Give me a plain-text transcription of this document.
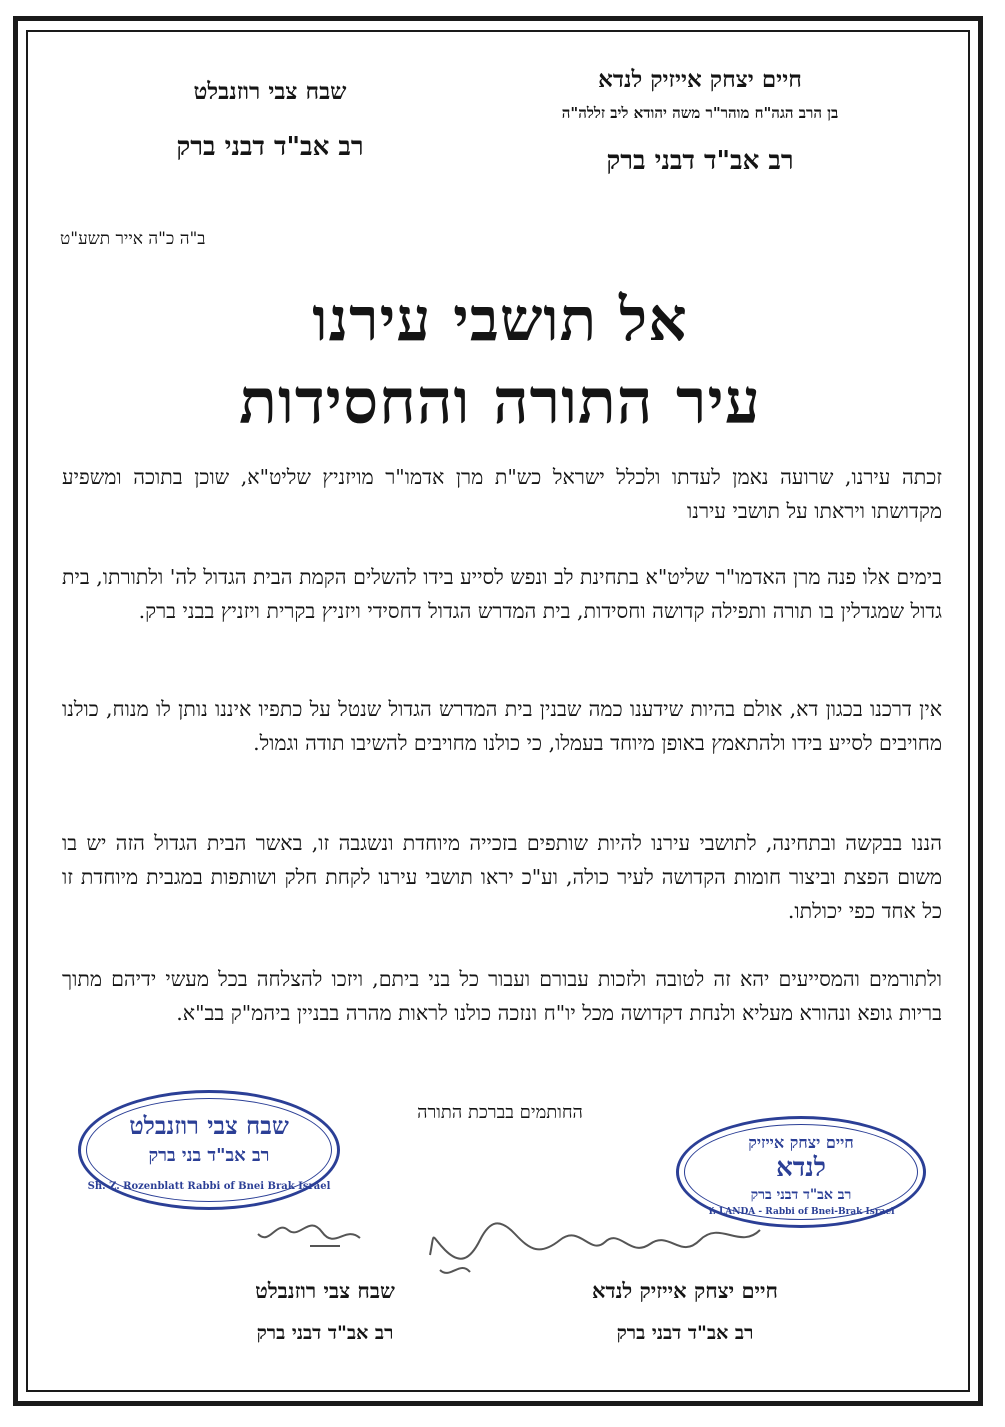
חיים יצחק אייזיק לנדא
בן הרב הגה"ח מוהר"ר משה יהודא ליב זללה"ה
רב אב"ד דבני ברק
שבח צבי רוזנבלט
רב אב"ד דבני ברק
ב"ה כ"ה אייר תשע"ט
אל תושבי עירנו
עיר התורה והחסידות
זכתה עירנו, שרועה נאמן לעדתו ולכלל ישראל כש"ת מרן אדמו"ר מויזניץ שליט"א, שוכן בתוכה ומשפיע מקדושתו ויראתו על תושבי עירנו
בימים אלו פנה מרן האדמו"ר שליט"א בתחינת לב ונפש לסייע בידו להשלים הקמת הבית הגדול לה' ולתורתו, בית גדול שמגדלין בו תורה ותפילה קדושה וחסידות, בית המדרש הגדול דחסידי ויזניץ בקרית ויזניץ בבני ברק.
אין דרכנו בכגון דא, אולם בהיות שידענו כמה שבנין בית המדרש הגדול שנטל על כתפיו איננו נותן לו מנוח, כולנו מחויבים לסייע בידו ולהתאמץ באופן מיוחד בעמלו, כי כולנו מחויבים להשיבו תודה וגמול.
הננו בבקשה ובתחינה, לתושבי עירנו להיות שותפים בזכייה מיוחדת ונשגבה זו, באשר הבית הגדול הזה יש בו משום הפצת וביצור חומות הקדושה לעיר כולה, וע"כ יראו תושבי עירנו לקחת חלק ושותפות במגבית מיוחדת זו כל אחד כפי יכולתו.
ולתורמים והמסייעים יהא זה לטובה ולזכות עבורם ועבור כל בני ביתם, ויזכו להצלחה בכל מעשי ידיהם מתוך בריות גופא ונהורא מעליא ולנחת דקדושה מכל יו"ח ונזכה כולנו לראות מהרה בבניין ביהמ"ק בב"א.
החותמים בברכת התורה
שבח צבי רוזנבלט
רב אב"ד בני ברק
Sh. Z. Rozenblatt Rabbi of Bnei Brak Israel
חיים יצחק אייזיק
לנדא
רב אב"ד דבני ברק
Y. LANDA - Rabbi of Bnei-Brak Israel
חיים יצחק אייזיק לנדא
רב אב"ד דבני ברק
שבח צבי רוזנבלט
רב אב"ד דבני ברק
